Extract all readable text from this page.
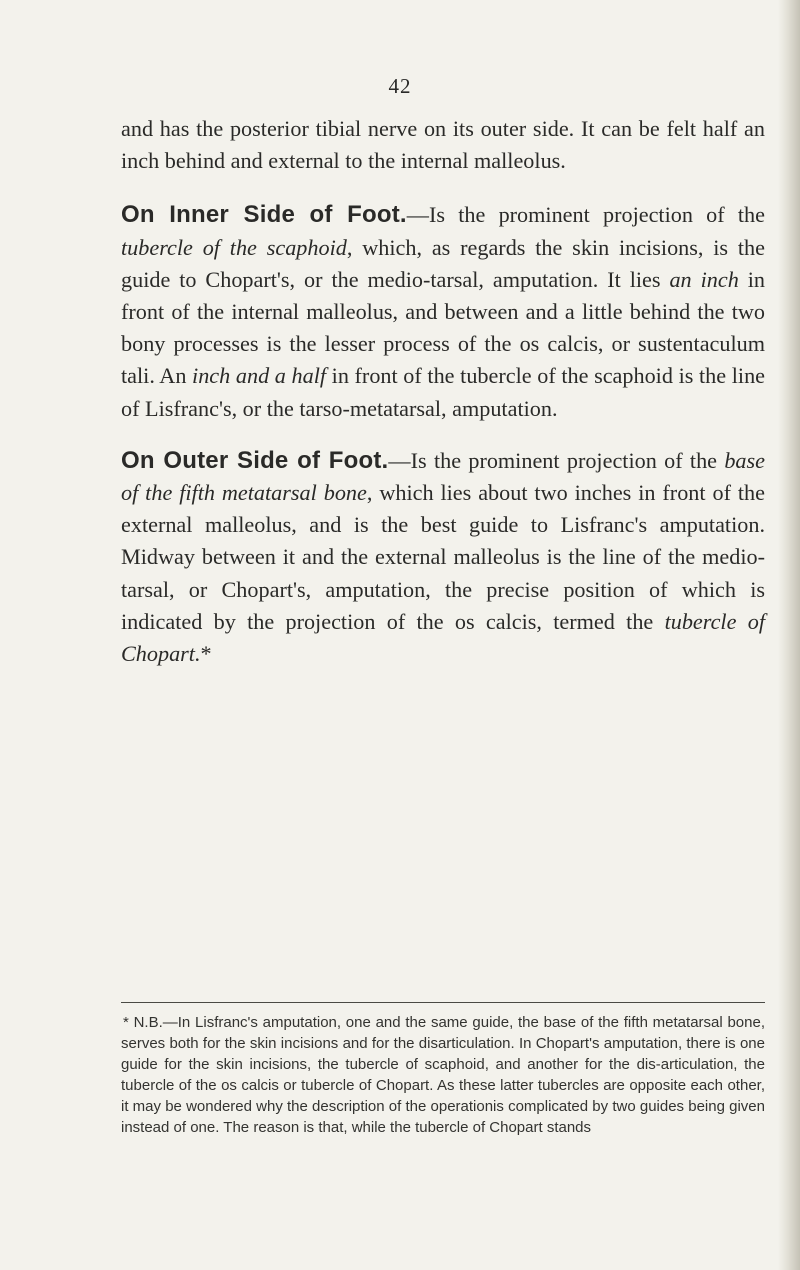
42

and has the posterior tibial nerve on its outer side. It can be felt half an inch behind and external to the internal malleolus.

On Inner Side of Foot.—Is the prominent projection of the tubercle of the scaphoid, which, as regards the skin incisions, is the guide to Chopart's, or the medio-tarsal, amputation. It lies an inch in front of the internal malleolus, and between and a little behind the two bony processes is the lesser process of the os calcis, or sustentaculum tali. An inch and a half in front of the tubercle of the scaphoid is the line of Lisfranc's, or the tarso-metatarsal, amputation.

On Outer Side of Foot.—Is the prominent projection of the base of the fifth metatarsal bone, which lies about two inches in front of the external malleolus, and is the best guide to Lisfranc's amputation. Midway between it and the external malleolus is the line of the medio-tarsal, or Chopart's, amputation, the precise position of which is indicated by the projection of the os calcis, termed the tubercle of Chopart.*

* N.B.—In Lisfranc's amputation, one and the same guide, the base of the fifth metatarsal bone, serves both for the skin incisions and for the disarticulation. In Chopart's amputation, there is one guide for the skin incisions, the tubercle of scaphoid, and another for the dis-articulation, the tubercle of the os calcis or tubercle of Chopart. As these latter tubercles are opposite each other, it may be wondered why the description of the operationis complicated by two guides being given instead of one. The reason is that, while the tubercle of Chopart stands
